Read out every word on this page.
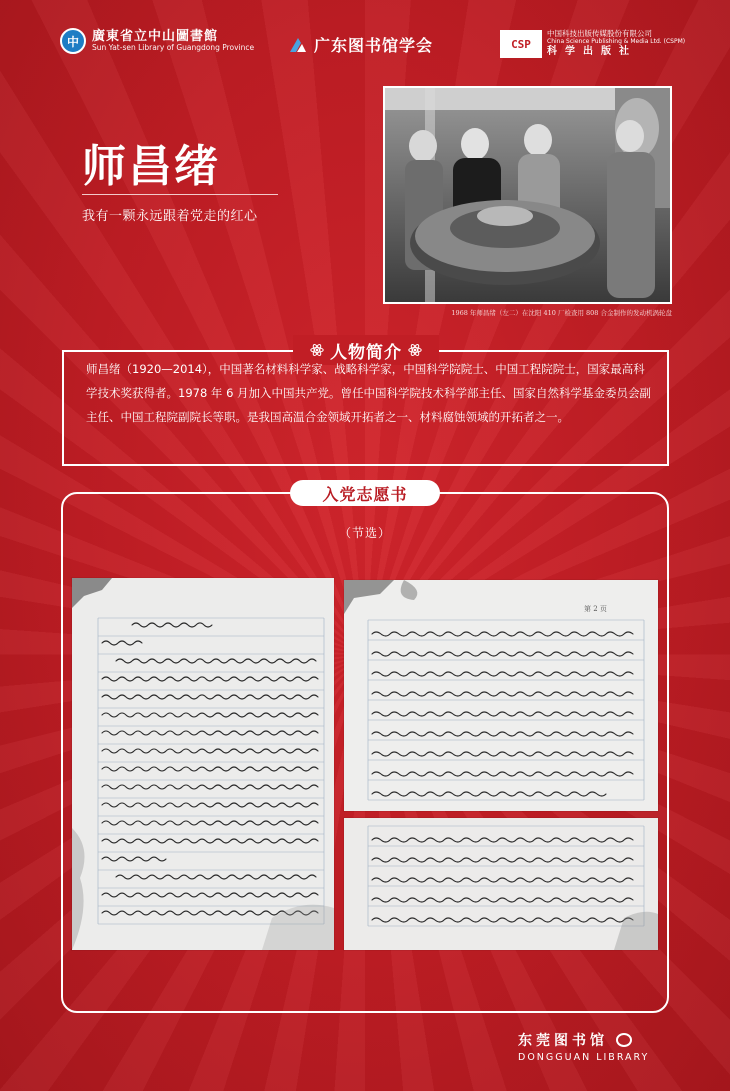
中	廣東省立中山圖書館
Sun Yat-sen Library of Guangdong Province	广东图书馆学会	CSP
中国科技出版传媒股份有限公司
China Science Publishing & Media Ltd. (CSPM)
科学出版社
师昌绪
我有一颗永远跟着党走的红心
1968 年师昌绪（左二）在沈阳 410 厂检查用 808 合金制作的发动机涡轮盘
人物简介
师昌绪（1920—2014），中国著名材料科学家、战略科学家，中国科学院院士、中国工程院院士，国家最高科学技术奖获得者。1978 年 6 月加入中国共产党。曾任中国科学院技术科学部主任、国家自然科学基金委员会副主任、中国工程院副院长等职。是我国高温合金领域开拓者之一、材料腐蚀领域的开拓者之一。
入党志愿书
（节选）
第 2 页
东莞图书馆
DONGGUAN LIBRARY
